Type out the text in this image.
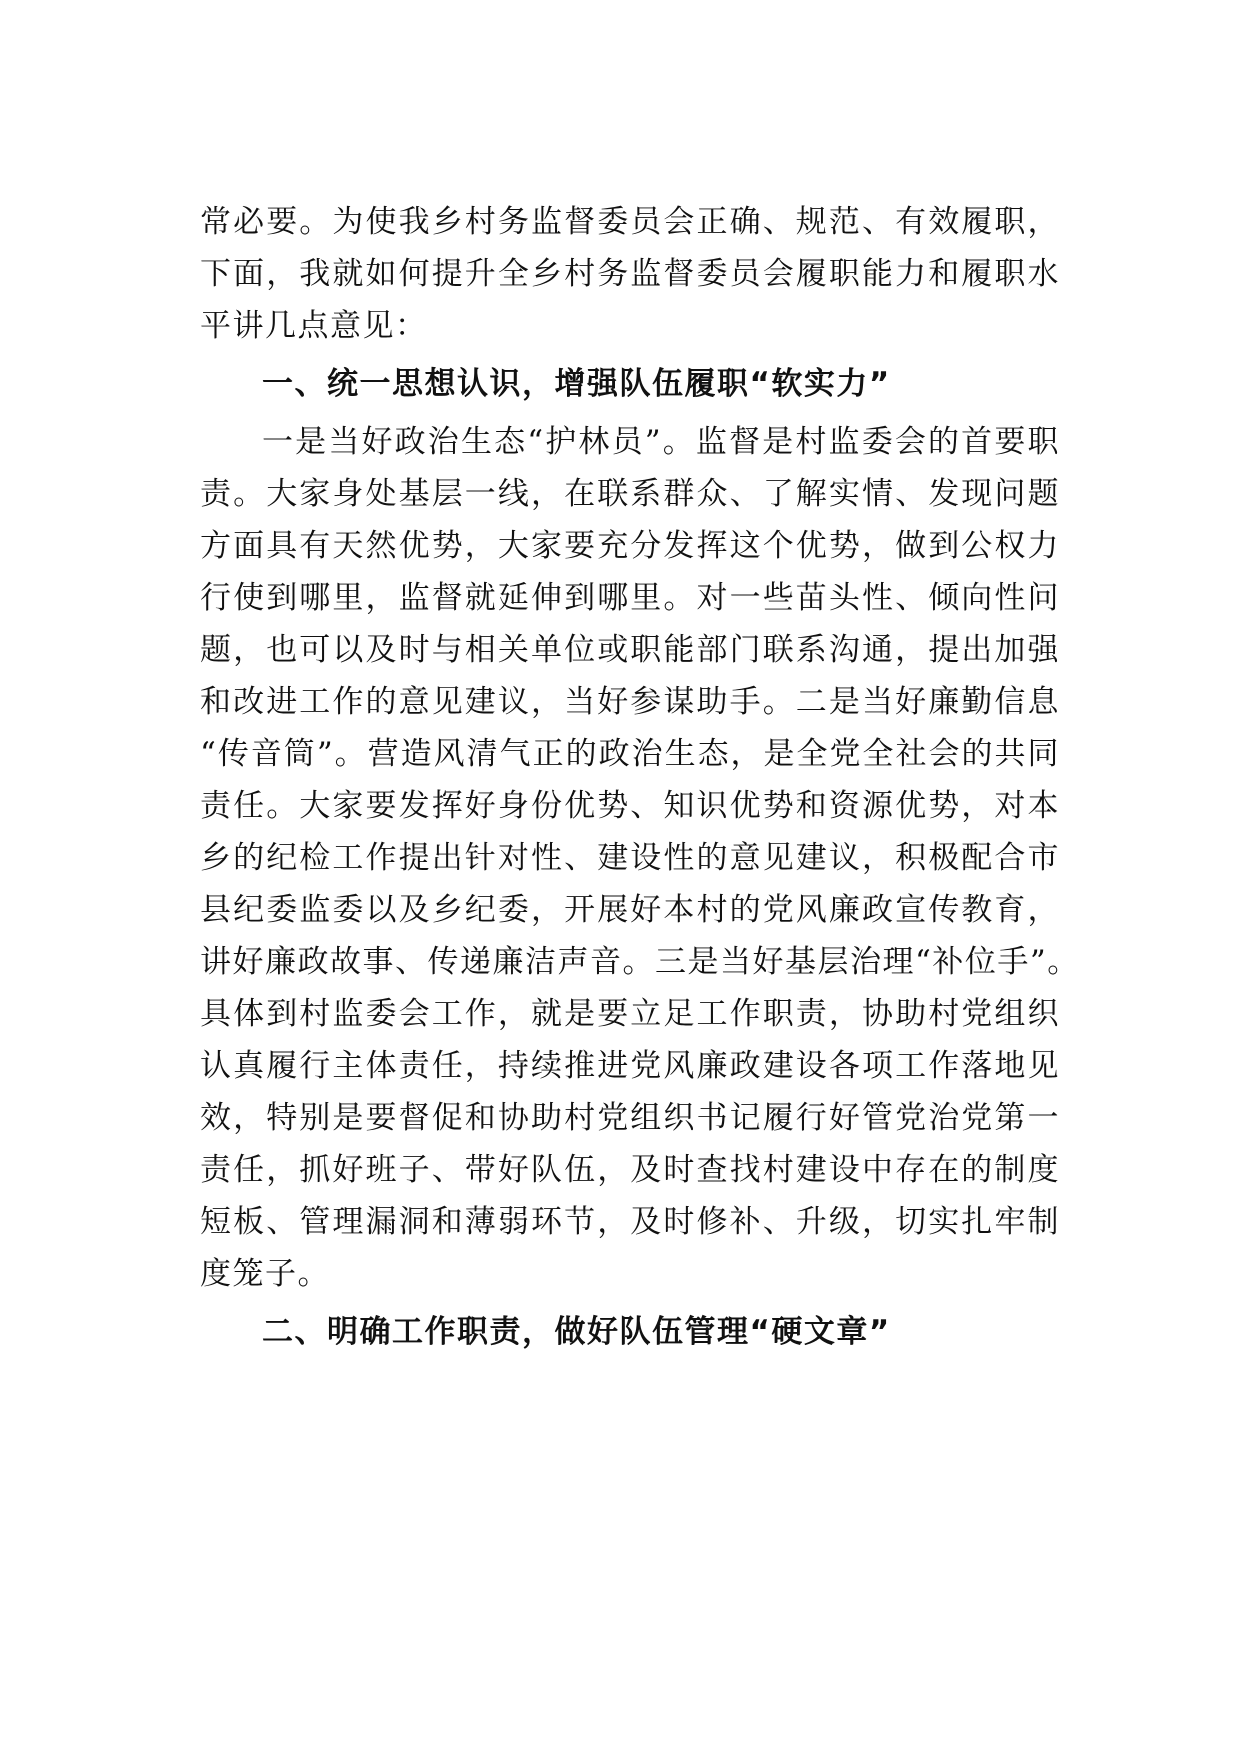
常必要。为使我乡村务监督委员会正确、规范、有效履职，
下面，我就如何提升全乡村务监督委员会履职能力和履职水
平讲几点意见：
一、统一思想认识，增强队伍履职“软实力”
一是当好政治生态“护林员”。监督是村监委会的首要职
责。大家身处基层一线，在联系群众、了解实情、发现问题
方面具有天然优势，大家要充分发挥这个优势，做到公权力
行使到哪里，监督就延伸到哪里。对一些苗头性、倾向性问
题，也可以及时与相关单位或职能部门联系沟通，提出加强
和改进工作的意见建议，当好参谋助手。二是当好廉勤信息
“传音筒”。营造风清气正的政治生态，是全党全社会的共同
责任。大家要发挥好身份优势、知识优势和资源优势，对本
乡的纪检工作提出针对性、建设性的意见建议，积极配合市
县纪委监委以及乡纪委，开展好本村的党风廉政宣传教育，
讲好廉政故事、传递廉洁声音。三是当好基层治理“补位手”。
具体到村监委会工作，就是要立足工作职责，协助村党组织
认真履行主体责任，持续推进党风廉政建设各项工作落地见
效，特别是要督促和协助村党组织书记履行好管党治党第一
责任，抓好班子、带好队伍，及时查找村建设中存在的制度
短板、管理漏洞和薄弱环节，及时修补、升级，切实扎牢制
度笼子。
二、明确工作职责，做好队伍管理“硬文章”
